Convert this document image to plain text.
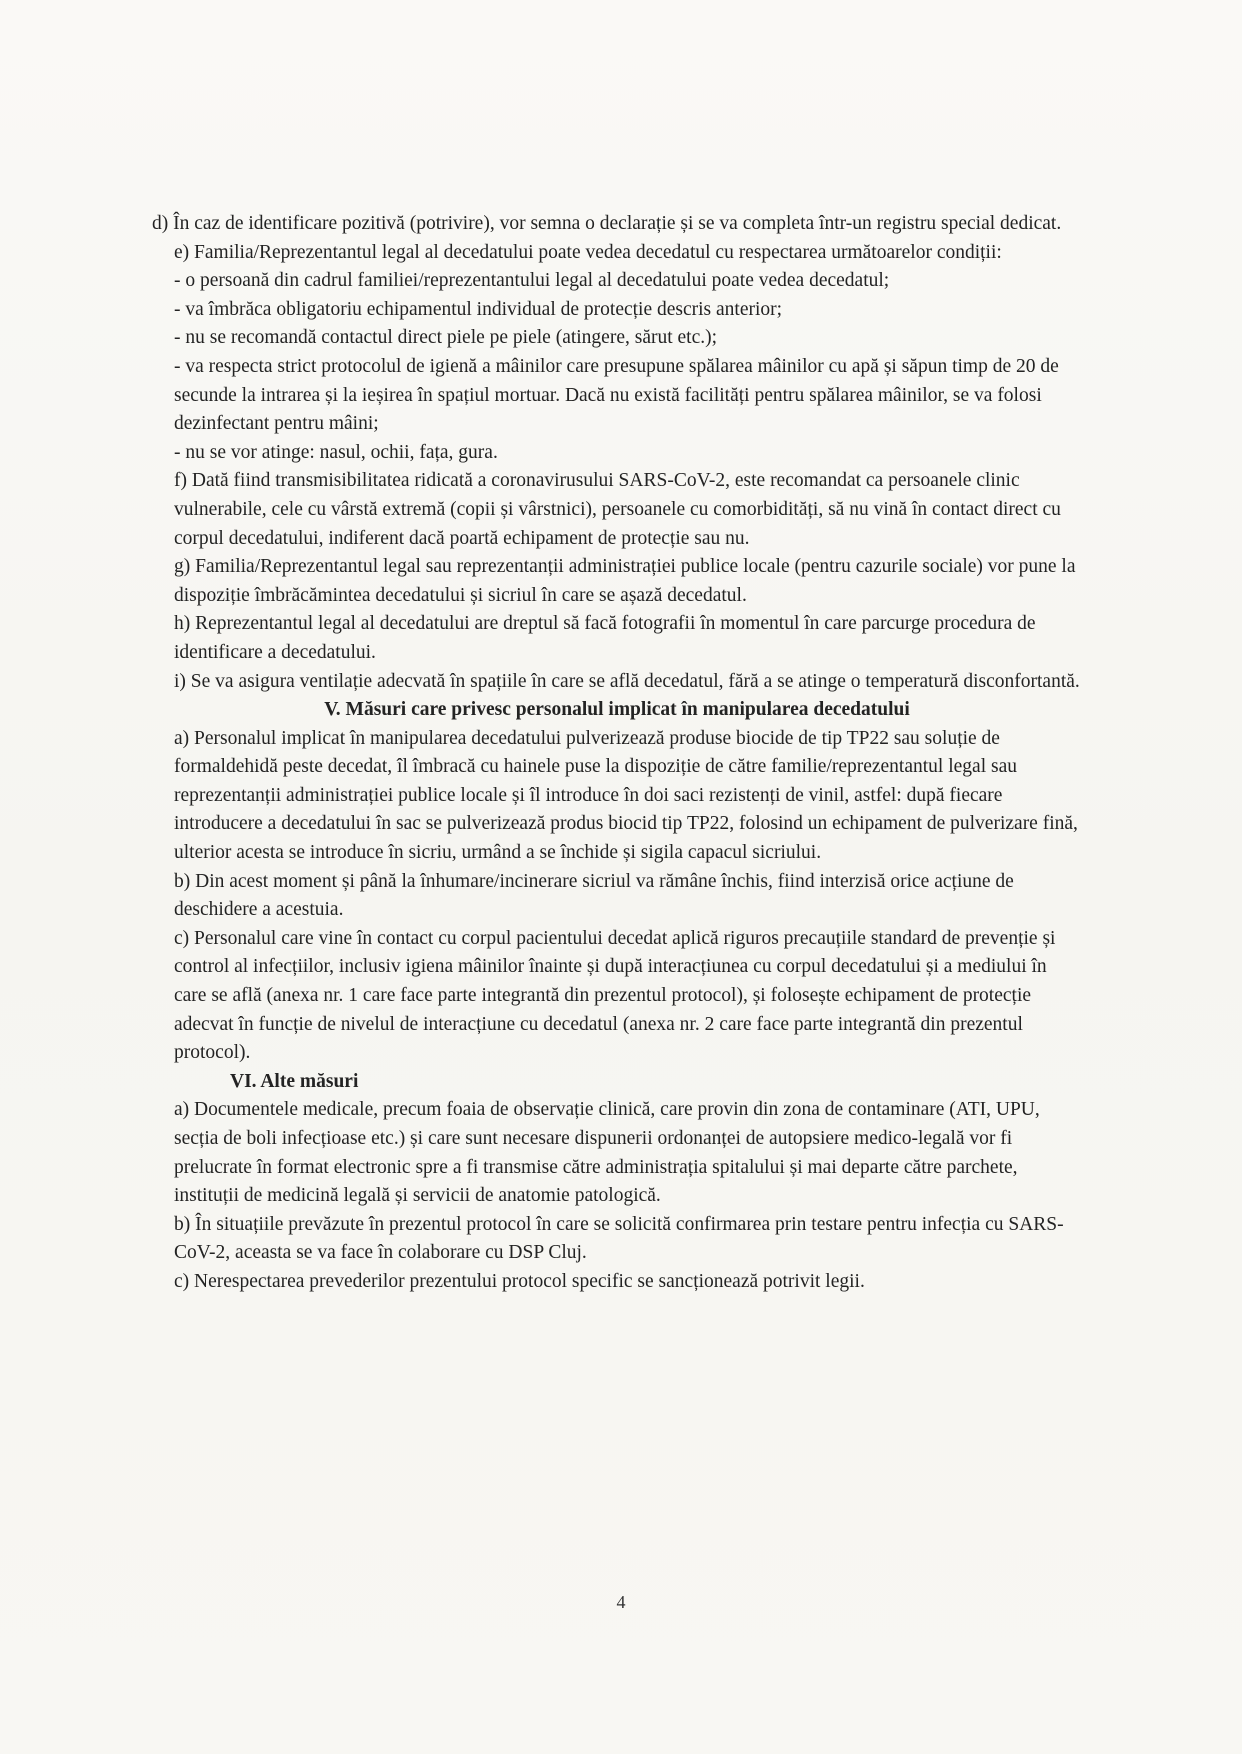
d) În caz de identificare pozitivă (potrivire), vor semna o declarație și se va completa într-un registru special dedicat.

e) Familia/Reprezentantul legal al decedatului poate vedea decedatul cu respectarea următoarelor condiții:

- o persoană din cadrul familiei/reprezentantului legal al decedatului poate vedea decedatul;

- va îmbrăca obligatoriu echipamentul individual de protecție descris anterior;

- nu se recomandă contactul direct piele pe piele (atingere, sărut etc.);

- va respecta strict protocolul de igienă a mâinilor care presupune spălarea mâinilor cu apă și săpun timp de 20 de secunde la intrarea și la ieșirea în spațiul mortuar. Dacă nu există facilități pentru spălarea mâinilor, se va folosi dezinfectant pentru mâini;

- nu se vor atinge: nasul, ochii, fața, gura.

f) Dată fiind transmisibilitatea ridicată a coronavirusului SARS-CoV-2, este recomandat ca persoanele clinic vulnerabile, cele cu vârstă extremă (copii și vârstnici), persoanele cu comorbidități, să nu vină în contact direct cu corpul decedatului, indiferent dacă poartă echipament de protecție sau nu.

g) Familia/Reprezentantul legal sau reprezentanții administrației publice locale (pentru cazurile sociale) vor pune la dispoziție îmbrăcămintea decedatului și sicriul în care se așază decedatul.

h) Reprezentantul legal al decedatului are dreptul să facă fotografii în momentul în care parcurge procedura de identificare a decedatului.

i) Se va asigura ventilație adecvată în spațiile în care se află decedatul, fără a se atinge o temperatură disconfortantă.

V. Măsuri care privesc personalul implicat în manipularea decedatului

a) Personalul implicat în manipularea decedatului pulverizează produse biocide de tip TP22 sau soluție de formaldehidă peste decedat, îl îmbracă cu hainele puse la dispoziție de către familie/reprezentantul legal sau reprezentanții administrației publice locale și îl introduce în doi saci rezistenți de vinil, astfel: după fiecare introducere a decedatului în sac se pulverizează produs biocid tip TP22, folosind un echipament de pulverizare fină, ulterior acesta se introduce în sicriu, urmând a se închide și sigila capacul sicriului.

b) Din acest moment și până la înhumare/incinerare sicriul va rămâne închis, fiind interzisă orice acțiune de deschidere a acestuia.

c) Personalul care vine în contact cu corpul pacientului decedat aplică riguros precauțiile standard de prevenție și control al infecțiilor, inclusiv igiena mâinilor înainte și după interacțiunea cu corpul decedatului și a mediului în care se află (anexa nr. 1 care face parte integrantă din prezentul protocol), și folosește echipament de protecție adecvat în funcție de nivelul de interacțiune cu decedatul (anexa nr. 2 care face parte integrantă din prezentul protocol).

VI. Alte măsuri

a) Documentele medicale, precum foaia de observație clinică, care provin din zona de contaminare (ATI, UPU, secția de boli infecțioase etc.) și care sunt necesare dispunerii ordonanței de autopsiere medico-legală vor fi prelucrate în format electronic spre a fi transmise către administrația spitalului și mai departe către parchete, instituții de medicină legală și servicii de anatomie patologică.

b) În situațiile prevăzute în prezentul protocol în care se solicită confirmarea prin testare pentru infecția cu SARS-CoV-2, aceasta se va face în colaborare cu DSP Cluj.

c) Nerespectarea prevederilor prezentului protocol specific se sancționează potrivit legii.

4
